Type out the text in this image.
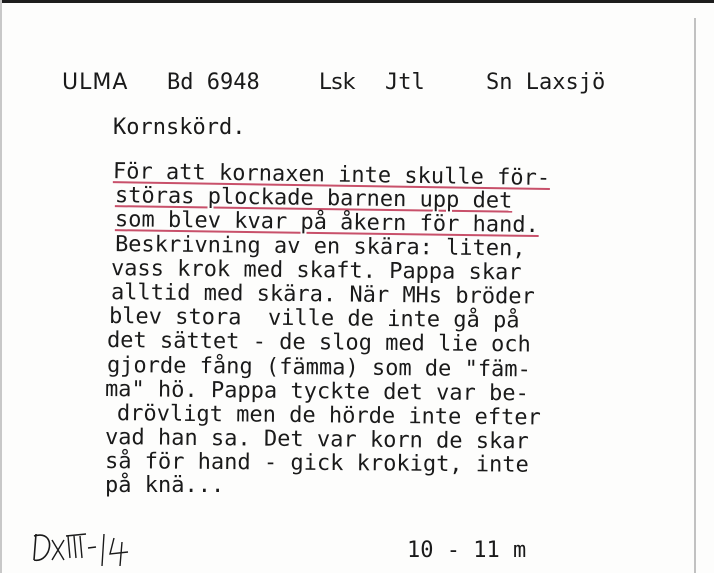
ULMA Bd 6948	Lsk Jtl	Sn Laxsjö
Kornskörd.
För att kornaxen inte skulle för-
störas plockade barnen upp det
som blev kvar på åkern för hand.
Beskrivning av en skära: liten,
vass krok med skaft. Pappa skar
alltid med skära. När MHs bröder
blev stora  ville de inte gå på
det sättet - de slog med lie och
gjorde fång (fämma) som de "fäm-
ma" hö. Pappa tyckte det var be-
drövligt men de hörde inte efter
vad han sa. Det var korn de skar
så för hand - gick krokigt, inte
på knä...
10 - 11 m
